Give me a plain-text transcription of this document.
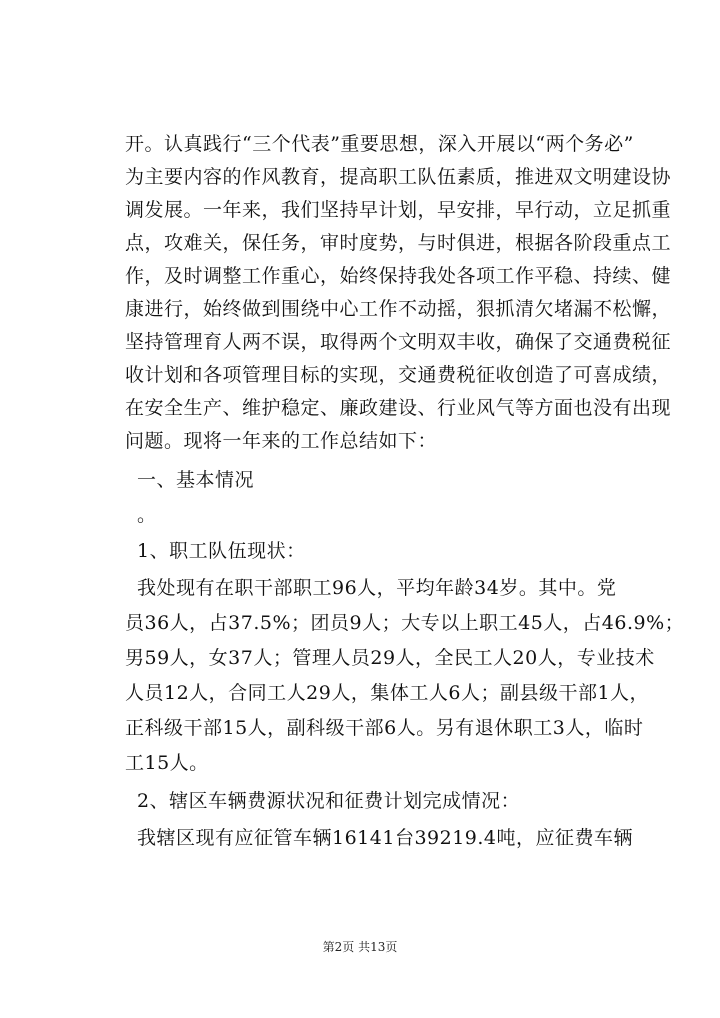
开。认真践行“三个代表”重要思想，深入开展以“两个务必”
为主要内容的作风教育，提高职工队伍素质，推进双文明建设协
调发展。一年来，我们坚持早计划，早安排，早行动，立足抓重
点，攻难关，保任务，审时度势，与时俱进，根据各阶段重点工
作，及时调整工作重心，始终保持我处各项工作平稳、持续、健
康进行，始终做到围绕中心工作不动摇，狠抓清欠堵漏不松懈，
坚持管理育人两不误，取得两个文明双丰收，确保了交通费税征
收计划和各项管理目标的实现，交通费税征收创造了可喜成绩，
在安全生产、维护稳定、廉政建设、行业风气等方面也没有出现
问题。现将一年来的工作总结如下：
一、基本情况
。
1、职工队伍现状：
我处现有在职干部职工96人，平均年龄34岁。其中。党
员36人，占37.5%；团员9人；大专以上职工45人，占46.9%；
男59人，女37人；管理人员29人，全民工人20人，专业技术
人员12人，合同工人29人，集体工人6人；副县级干部1人，
正科级干部15人，副科级干部6人。另有退休职工3人，临时
工15人。
2、辖区车辆费源状况和征费计划完成情况：
我辖区现有应征管车辆16141台39219.4吨，应征费车辆
第2页 共13页
